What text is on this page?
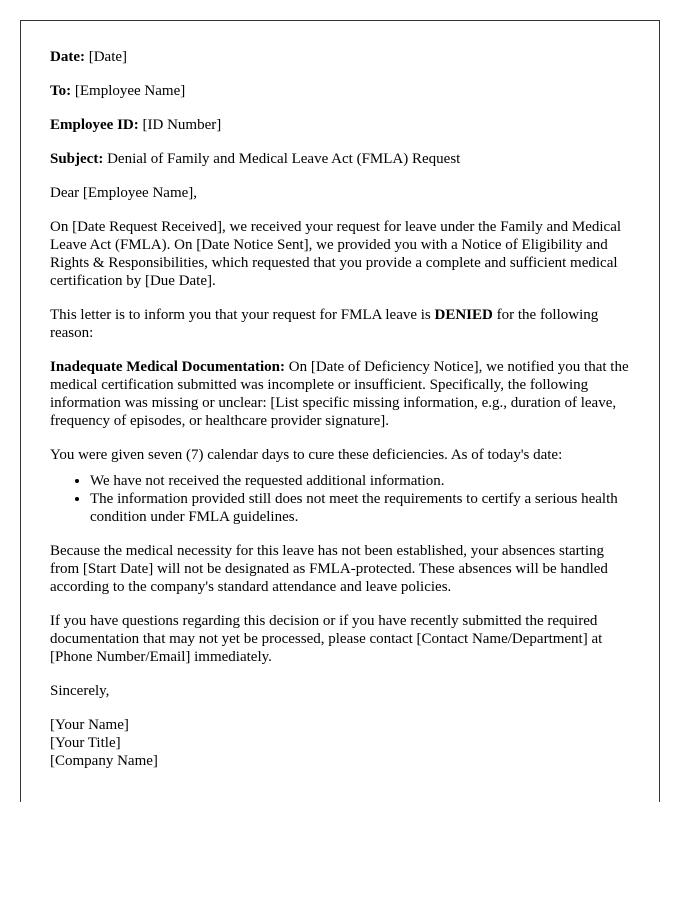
Date: [Date]

To: [Employee Name]

Employee ID: [ID Number]

Subject: Denial of Family and Medical Leave Act (FMLA) Request

Dear [Employee Name],

On [Date Request Received], we received your request for leave under the Family and Medical Leave Act (FMLA). On [Date Notice Sent], we provided you with a Notice of Eligibility and Rights & Responsibilities, which requested that you provide a complete and sufficient medical certification by [Due Date].

This letter is to inform you that your request for FMLA leave is DENIED for the following reason:

Inadequate Medical Documentation: On [Date of Deficiency Notice], we notified you that the medical certification submitted was incomplete or insufficient. Specifically, the following information was missing or unclear: [List specific missing information, e.g., duration of leave, frequency of episodes, or healthcare provider signature].

You were given seven (7) calendar days to cure these deficiencies. As of today's date:

• We have not received the requested additional information.
• The information provided still does not meet the requirements to certify a serious health condition under FMLA guidelines.

Because the medical necessity for this leave has not been established, your absences starting from [Start Date] will not be designated as FMLA-protected. These absences will be handled according to the company's standard attendance and leave policies.

If you have questions regarding this decision or if you have recently submitted the required documentation that may not yet be processed, please contact [Contact Name/Department] at [Phone Number/Email] immediately.

Sincerely,

[Your Name]
[Your Title]
[Company Name]
